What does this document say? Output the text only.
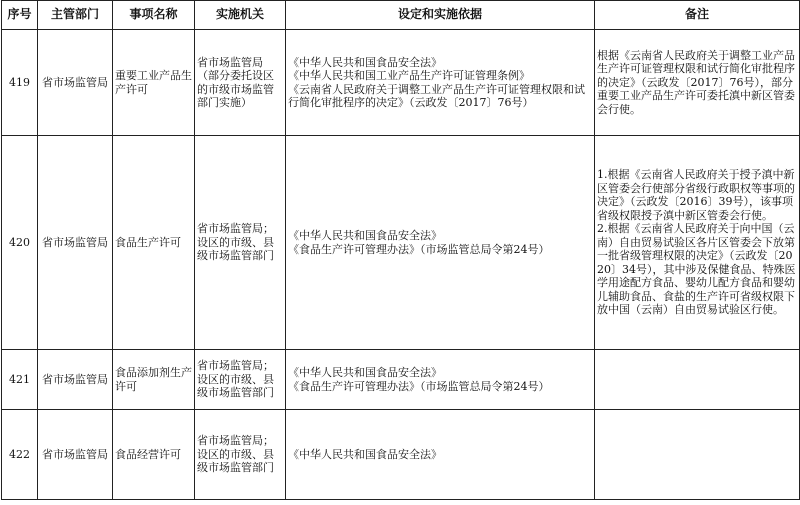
序号	主管部门	事项名称	实施机关	设定和实施依据	备注
419	省市场监管局	重要工业产品生产许可	省市场监管局（部分委托设区的市级市场监管部门实施）	《中华人民共和国食品安全法》
《中华人民共和国工业产品生产许可证管理条例》
《云南省人民政府关于调整工业产品生产许可证管理权限和试行简化审批程序的决定》（云政发〔2017〕76号）	根据《云南省人民政府关于调整工业产品生产许可证管理权限和试行简化审批程序的决定》（云政发〔2017〕76号），部分重要工业产品生产许可委托滇中新区管委会行使。

420	省市场监管局	食品生产许可	省市场监管局；设区的市级、县级市场监管部门	《中华人民共和国食品安全法》
《食品生产许可管理办法》（市场监管总局令第24号）	1.根据《云南省人民政府关于授予滇中新区管委会行使部分省级行政职权等事项的决定》（云政发〔2016〕39号），该事项省级权限授予滇中新区管委会行使。
2.根据《云南省人民政府关于向中国（云南）自由贸易试验区各片区管委会下放第一批省级管理权限的决定》（云政发〔2020〕34号），其中涉及保健食品、特殊医学用途配方食品、婴幼儿配方食品和婴幼儿辅助食品、食盐的生产许可省级权限下放中国（云南）自由贸易试验区行使。

421	省市场监管局	食品添加剂生产许可	省市场监管局；设区的市级、县级市场监管部门	《中华人民共和国食品安全法》
《食品生产许可管理办法》（市场监管总局令第24号）	

422	省市场监管局	食品经营许可	省市场监管局；设区的市级、县级市场监管部门	《中华人民共和国食品安全法》	
